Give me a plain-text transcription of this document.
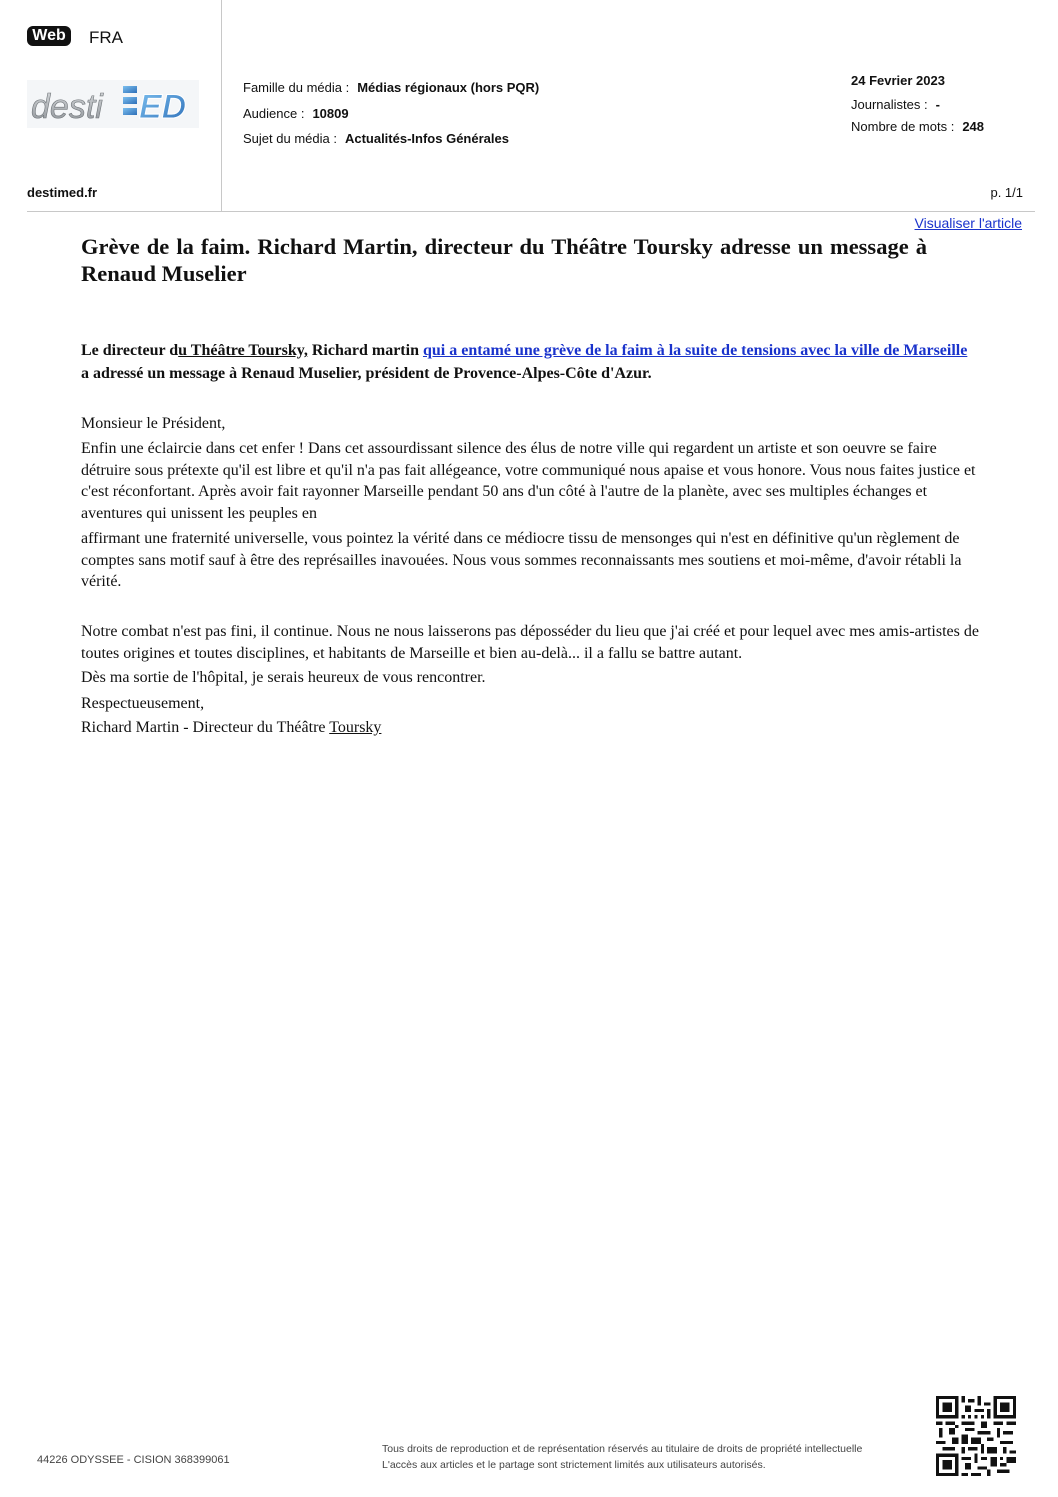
Web	FRA
desti ED
destimed.fr
Famille du média : Médias régionaux (hors PQR)
Audience : 10809
Sujet du média : Actualités-Infos Générales
24 Fevrier 2023
Journalistes : -
Nombre de mots : 248
p. 1/1
Visualiser l'article
Grève de la faim. Richard Martin, directeur du Théâtre Toursky adresse un message à Renaud Muselier

Le directeur du Théâtre Toursky, Richard martin qui a entamé une grève de la faim à la suite de tensions avec la ville de Marseille a adressé un message à Renaud Muselier, président de Provence-Alpes-Côte d'Azur.

Monsieur le Président,

Enfin une éclaircie dans cet enfer ! Dans cet assourdissant silence des élus de notre ville qui regardent un artiste et son oeuvre se faire détruire sous prétexte qu'il est libre et qu'il n'a pas fait allégeance, votre communiqué nous apaise et vous honore. Vous nous faites justice et c'est réconfortant. Après avoir fait rayonner Marseille pendant 50 ans d'un côté à l'autre de la planète, avec ses multiples échanges et aventures qui unissent les peuples en

affirmant une fraternité universelle, vous pointez la vérité dans ce médiocre tissu de mensonges qui n'est en définitive qu'un règlement de comptes sans motif sauf à être des représailles inavouées. Nous vous sommes reconnaissants mes soutiens et moi-même, d'avoir rétabli la vérité.

Notre combat n'est pas fini, il continue. Nous ne nous laisserons pas déposséder du lieu que j'ai créé et pour lequel avec mes amis-artistes de toutes origines et toutes disciplines, et habitants de Marseille et bien au-delà... il a fallu se battre autant.

Dès ma sortie de l'hôpital, je serais heureux de vous rencontrer.

Respectueusement,

Richard Martin - Directeur du Théâtre Toursky

44226 ODYSSEE - CISION 368399061
Tous droits de reproduction et de représentation réservés au titulaire de droits de propriété intellectuelle
L'accès aux articles et le partage sont strictement limités aux utilisateurs autorisés.
